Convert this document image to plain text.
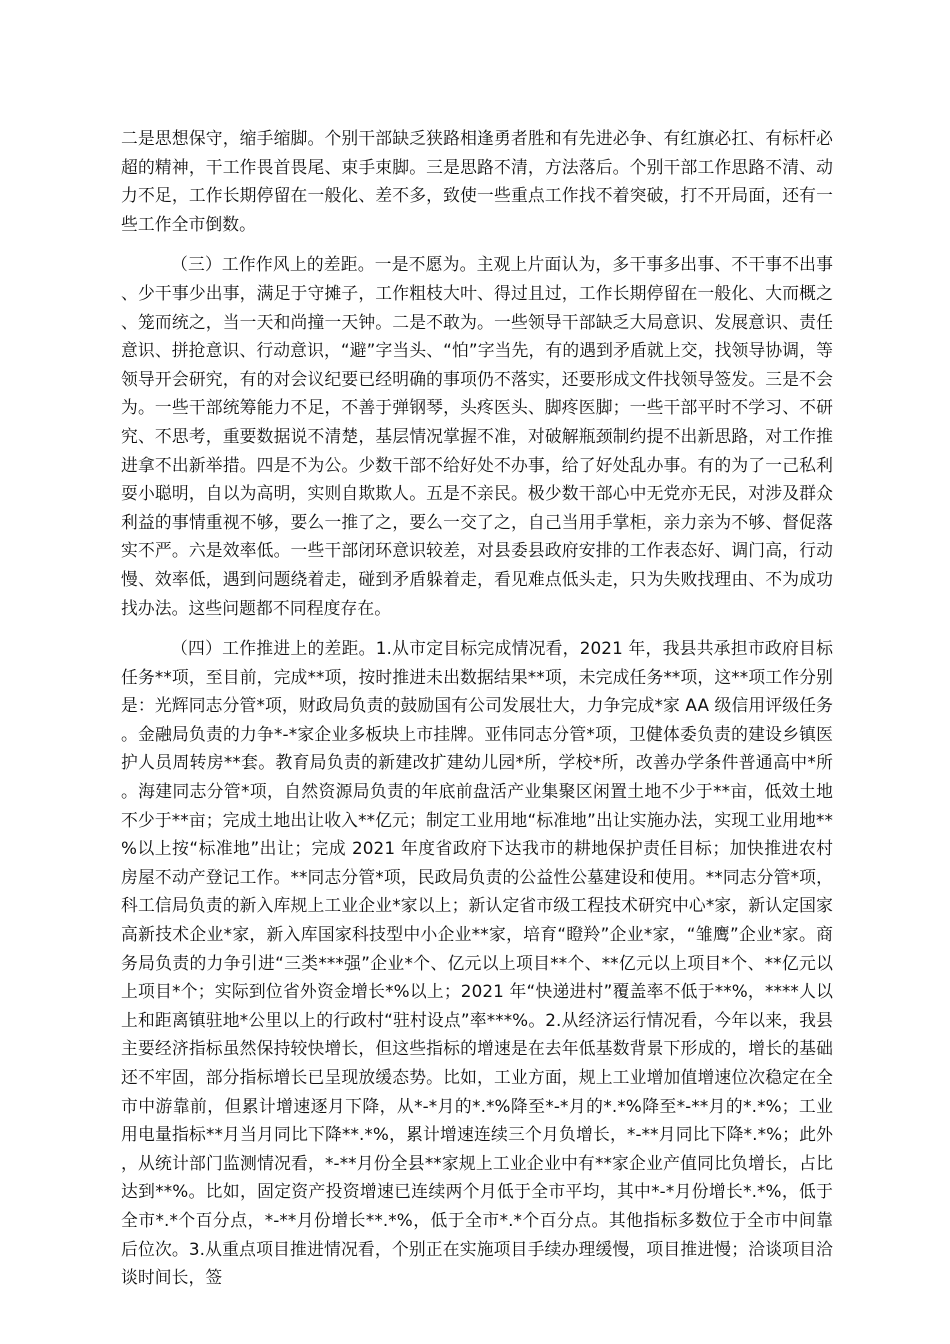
二是思想保守，缩手缩脚。个别干部缺乏狭路相逢勇者胜和有先进必争、有红旗必扛、有标杆必超的精神，干工作畏首畏尾、束手束脚。三是思路不清，方法落后。个别干部工作思路不清、动力不足，工作长期停留在一般化、差不多，致使一些重点工作找不着突破，打不开局面，还有一些工作全市倒数。

（三）工作作风上的差距。一是不愿为。主观上片面认为，多干事多出事、不干事不出事、少干事少出事，满足于守摊子，工作粗枝大叶、得过且过，工作长期停留在一般化、大而概之、笼而统之，当一天和尚撞一天钟。二是不敢为。一些领导干部缺乏大局意识、发展意识、责任意识、拼抢意识、行动意识，“避”字当头、“怕”字当先，有的遇到矛盾就上交，找领导协调，等领导开会研究，有的对会议纪要已经明确的事项仍不落实，还要形成文件找领导签发。三是不会为。一些干部统筹能力不足，不善于弹钢琴，头疼医头、脚疼医脚；一些干部平时不学习、不研究、不思考，重要数据说不清楚，基层情况掌握不准，对破解瓶颈制约提不出新思路，对工作推进拿不出新举措。四是不为公。少数干部不给好处不办事，给了好处乱办事。有的为了一己私利耍小聪明，自以为高明，实则自欺欺人。五是不亲民。极少数干部心中无党亦无民，对涉及群众利益的事情重视不够，要么一推了之，要么一交了之，自己当用手掌柜，亲力亲为不够、督促落实不严。六是效率低。一些干部闭环意识较差，对县委县政府安排的工作表态好、调门高，行动慢、效率低，遇到问题绕着走，碰到矛盾躲着走，看见难点低头走，只为失败找理由、不为成功找办法。这些问题都不同程度存在。

（四）工作推进上的差距。1.从市定目标完成情况看，2021 年，我县共承担市政府目标任务**项，至目前，完成**项，按时推进未出数据结果**项，未完成任务**项，这**项工作分别是：光辉同志分管*项，财政局负责的鼓励国有公司发展壮大，力争完成*家 AA 级信用评级任务。金融局负责的力争*-*家企业多板块上市挂牌。亚伟同志分管*项，卫健体委负责的建设乡镇医护人员周转房**套。教育局负责的新建改扩建幼儿园*所，学校*所，改善办学条件普通高中*所。海建同志分管*项，自然资源局负责的年底前盘活产业集聚区闲置土地不少于**亩，低效土地不少于**亩；完成土地出让收入**亿元；制定工业用地“标准地”出让实施办法，实现工业用地**%以上按“标准地”出让；完成 2021 年度省政府下达我市的耕地保护责任目标；加快推进农村房屋不动产登记工作。**同志分管*项，民政局负责的公益性公墓建设和使用。**同志分管*项，科工信局负责的新入库规上工业企业*家以上；新认定省市级工程技术研究中心*家，新认定国家高新技术企业*家，新入库国家科技型中小企业**家，培育“瞪羚”企业*家，“雏鹰”企业*家。商务局负责的力争引进“三类***强”企业*个、亿元以上项目**个、**亿元以上项目*个、**亿元以上项目*个；实际到位省外资金增长*%以上；2021 年“快递进村”覆盖率不低于**%，****人以上和距离镇驻地*公里以上的行政村“驻村设点”率***%。2.从经济运行情况看，今年以来，我县主要经济指标虽然保持较快增长，但这些指标的增速是在去年低基数背景下形成的，增长的基础还不牢固，部分指标增长已呈现放缓态势。比如，工业方面，规上工业增加值增速位次稳定在全市中游靠前，但累计增速逐月下降，从*-*月的*.*%降至*-*月的*.*%降至*-**月的*.*%；工业用电量指标**月当月同比下降**.*%，累计增速连续三个月负增长，*-**月同比下降*.*%；此外，从统计部门监测情况看，*-**月份全县**家规上工业企业中有**家企业产值同比负增长，占比达到**%。比如，固定资产投资增速已连续两个月低于全市平均，其中*-*月份增长*.*%，低于全市*.*个百分点，*-**月份增长**.*%，低于全市*.*个百分点。其他指标多数位于全市中间靠后位次。3.从重点项目推进情况看，个别正在实施项目手续办理缓慢，项目推进慢；洽谈项目洽谈时间长，签
